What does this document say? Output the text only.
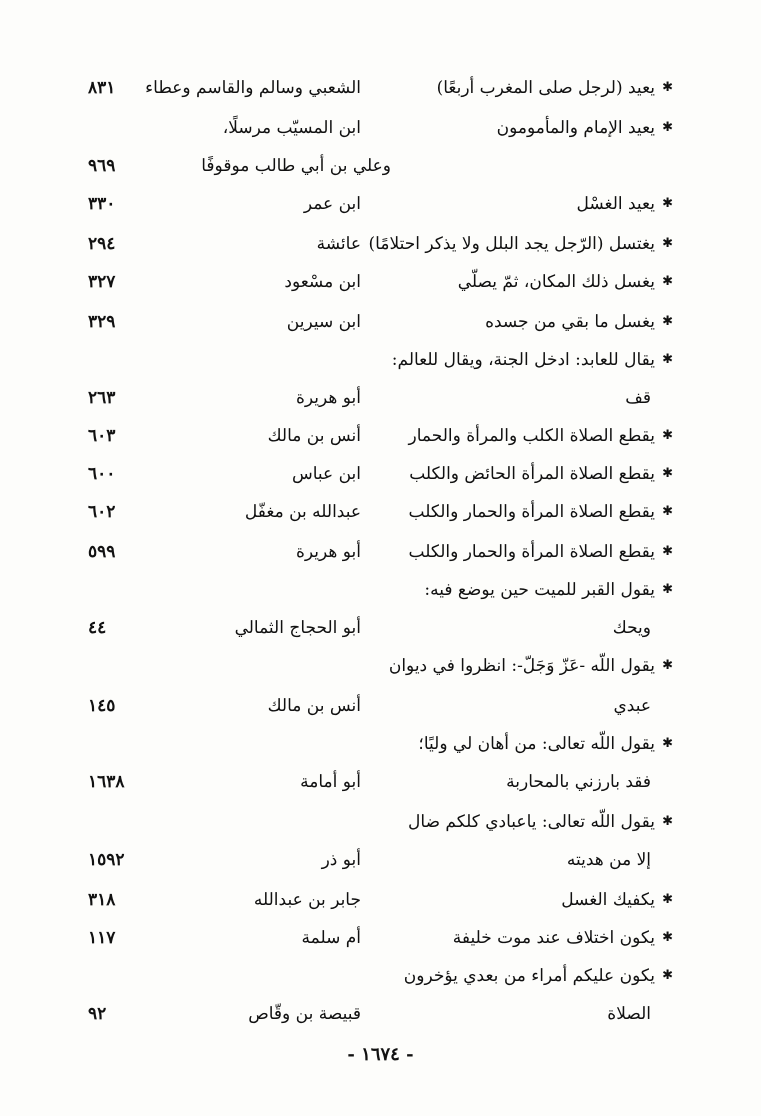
✱
يعيد (لرجل صلى المغرب أربعًا)
الشعبي وسالم والقاسم وعطاء
٨٣١
✱
يعيد الإمام والمأمومون
ابن المسيّب مرسلًا،
وعلي بن أبي طالب موقوفًا
٩٦٩
✱
يعيد الغسْل
ابن عمر
٣٣٠
✱
يغتسل (الرّجل يجد البلل ولا يذكر احتلامًا)
عائشة
٢٩٤
✱
يغسل ذلك المكان، ثمّ يصلّي
ابن مسْعود
٣٢٧
✱
يغسل ما بقي من جسده
ابن سيرين
٣٢٩
✱
يقال للعابد: ادخل الجنة، ويقال للعالم:
قف
أبو هريرة
٢٦٣
✱
يقطع الصلاة الكلب والمرأة والحمار
أنس بن مالك
٦٠٣
✱
يقطع الصلاة المرأة الحائض والكلب
ابن عباس
٦٠٠
✱
يقطع الصلاة المرأة والحمار والكلب
عبدالله بن مغفّل
٦٠٢
✱
يقطع الصلاة المرأة والحمار والكلب
أبو هريرة
٥٩٩
✱
يقول القبر للميت حين يوضع فيه:
ويحك
أبو الحجاج الثمالي
٤٤
✱
يقول اللّه -عَزّ وَجَلّ-: انظروا في ديوان
عبدي
أنس بن مالك
١٤٥
✱
يقول اللّه تعالى: من أهان لي وليًا؛
فقد بارزني بالمحاربة
أبو أمامة
١٦٣٨
✱
يقول اللّه تعالى: ياعبادي كلكم ضال
إلا من هديته
أبو ذر
١٥٩٢
✱
يكفيك الغسل
جابر بن عبدالله
٣١٨
✱
يكون اختلاف عند موت خليفة
أم سلمة
١١٧
✱
يكون عليكم أمراء من بعدي يؤخرون
الصلاة
قبيصة بن وقّاص
٩٢
- ١٦٧٤ -
